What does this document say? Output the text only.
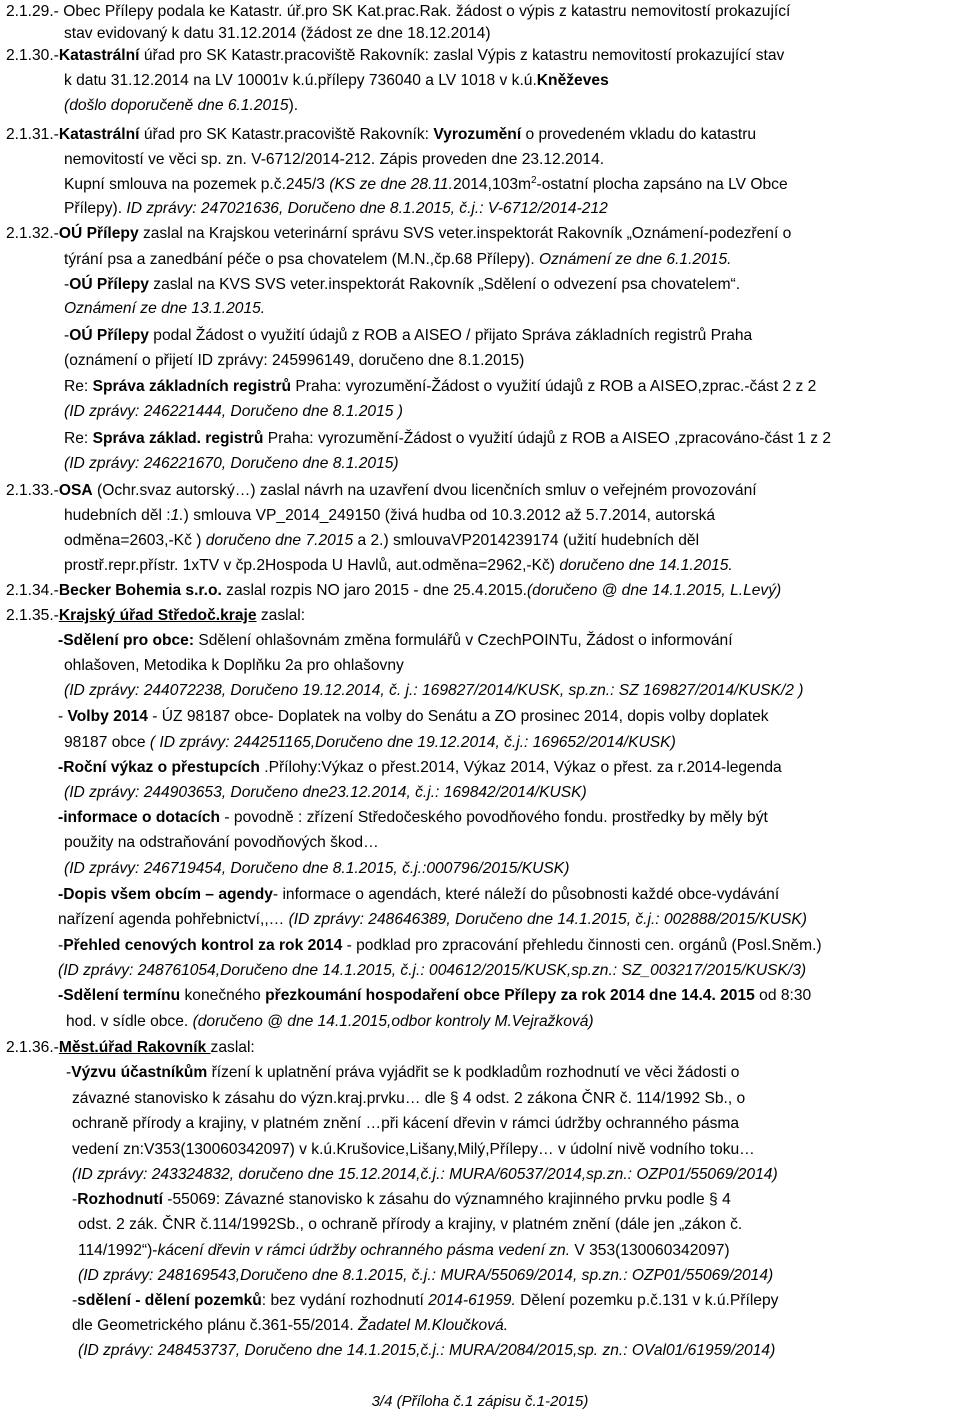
2.1.29.- Obec Přílepy podala ke Katastr. úř.pro SK Kat.prac.Rak. žádost o výpis z katastru nemovitostí prokazující
stav evidovaný k datu 31.12.2014 (žádost ze dne 18.12.2014)
2.1.30.-Katastrální úřad pro SK Katastr.pracoviště Rakovník: zaslal Výpis z katastru nemovitostí prokazující stav
k datu 31.12.2014 na LV 10001v k.ú.přílepy 736040 a LV 1018 v k.ú.Kněževes
(došlo doporučeně dne 6.1.2015).
2.1.31.-Katastrální úřad pro SK Katastr.pracoviště Rakovník: Vyrozumění o provedeném vkladu do katastru
nemovitostí ve věci sp. zn. V-6712/2014-212. Zápis proveden dne 23.12.2014.
Kupní smlouva na pozemek p.č.245/3 (KS ze dne $28.11.2014,103m^2$-ostatní plocha zapsáno na LV Obce
Přílepy). ID zprávy: 247021636, Doručeno dne 8.1.2015, č.j.: V-6712/2014-212
2.1.32.-OÚ Přílepy zaslal na Krajskou veterinární správu SVS veter.inspektorát Rakovník „Oznámení-podezření o
týrání psa a zanedbání péče o psa chovatelem (M.N.,čp.68 Přílepy). Oznámení ze dne 6.1.2015.
-OÚ Přílepy zaslal na KVS SVS veter.inspektorát Rakovník „Sdělení o odvezení psa chovatelem“.
Oznámení ze dne 13.1.2015.
-OÚ Přílepy podal Žádost o využití údajů z ROB a AISEO / přijato Správa základních registrů Praha
(oznámení o přijetí ID zprávy: 245996149, doručeno dne 8.1.2015)
Re: Správa základních registrů Praha: vyrozumění-Žádost o využití údajů z ROB a AISEO,zprac.-část 2 z 2
(ID zprávy: 246221444, Doručeno dne 8.1.2015 )
Re: Správa základ. registrů Praha: vyrozumění-Žádost o využití údajů z ROB a AISEO ,zpracováno-část 1 z 2
(ID zprávy: 246221670, Doručeno dne 8.1.2015)
2.1.33.-OSA (Ochr.svaz autorský…) zaslal návrh na uzavření dvou licenčních smluv o veřejném provozování
hudebních děl :1.) smlouva VP_2014_249150 (živá hudba od 10.3.2012 až 5.7.2014, autorská
odměna=2603,-Kč ) doručeno dne 7.2015 a 2.) smlouvaVP2014239174 (užití hudebních děl
prostř.repr.přístr. 1xTV v čp.2Hospoda U Havlů, aut.odměna=2962,-Kč) doručeno dne 14.1.2015.
2.1.34.-Becker Bohemia s.r.o. zaslal rozpis NO jaro 2015 - dne 25.4.2015.(doručeno @ dne 14.1.2015, L.Levý)
2.1.35.-Krajský úřad Středoč.kraje zaslal:
-Sdělení pro obce: Sdělení ohlašovnám změna formulářů v CzechPOINTu, Žádost o informování
ohlašoven, Metodika k Doplňku 2a pro ohlašovny
(ID zprávy: 244072238, Doručeno 19.12.2014, č. j.: 169827/2014/KUSK, sp.zn.: SZ 169827/2014/KUSK/2 )
- Volby 2014 - ÚZ 98187 obce- Doplatek na volby do Senátu a ZO prosinec 2014, dopis volby doplatek
98187 obce ( ID zprávy: 244251165,Doručeno dne 19.12.2014, č.j.: 169652/2014/KUSK)
-Roční výkaz o přestupcích .Přílohy:Výkaz o přest.2014, Výkaz 2014, Výkaz o přest. za r.2014-legenda
(ID zprávy: 244903653, Doručeno dne23.12.2014, č.j.: 169842/2014/KUSK)
-informace o dotacích - povodně : zřízení Středočeského povodňového fondu. prostředky by měly být
použity na odstraňování povodňových škod…
(ID zprávy: 246719454, Doručeno dne 8.1.2015, č.j.:000796/2015/KUSK)
-Dopis všem obcím – agendy- informace o agendách, které náleží do působnosti každé obce-vydávání
nařízení agenda pohřebnictví,,… (ID zprávy: 248646389, Doručeno dne 14.1.2015, č.j.: 002888/2015/KUSK)
-Přehled cenových kontrol za rok 2014 - podklad pro zpracování přehledu činnosti cen. orgánů (Posl.Sněm.)
(ID zprávy: 248761054,Doručeno dne 14.1.2015, č.j.: 004612/2015/KUSK,sp.zn.: SZ_003217/2015/KUSK/3)
-Sdělení termínu konečného přezkoumání hospodaření obce Přílepy za rok 2014 dne 14.4. 2015 od 8:30
hod. v sídle obce. (doručeno @ dne 14.1.2015,odbor kontroly M.Vejražková)
2.1.36.-Měst.úřad Rakovník zaslal:
-Výzvu účastníkům řízení k uplatnění práva vyjádřit se k podkladům rozhodnutí ve věci žádosti o
závazné stanovisko k zásahu do význ.kraj.prvku… dle § 4 odst. 2 zákona ČNR č. 114/1992 Sb., o
ochraně přírody a krajiny, v platném znění …při kácení dřevin v rámci údržby ochranného pásma
vedení zn:V353(130060342097) v k.ú.Krušovice,Lišany,Milý,Přílepy… v údolní nivě vodního toku…
(ID zprávy: 243324832, doručeno dne 15.12.2014,č.j.: MURA/60537/2014,sp.zn.: OZP01/55069/2014)
-Rozhodnutí -55069: Závazné stanovisko k zásahu do významného krajinného prvku podle § 4
odst. 2 zák. ČNR č.114/1992Sb., o ochraně přírody a krajiny, v platném znění (dále jen „zákon č.
114/1992“)-kácení dřevin v rámci údržby ochranného pásma vedení zn. V 353(130060342097)
(ID zprávy: 248169543,Doručeno dne 8.1.2015, č.j.: MURA/55069/2014, sp.zn.: OZP01/55069/2014)
-sdělení - dělení pozemků: bez vydání rozhodnutí 2014-61959. Dělení pozemku p.č.131 v k.ú.Přílepy
dle Geometrického plánu č.361-55/2014. Žadatel M.Kloučková.
(ID zprávy: 248453737, Doručeno dne 14.1.2015,č.j.: MURA/2084/2015,sp. zn.: OVal01/61959/2014)
3/4 (Příloha č.1 zápisu č.1-2015)
